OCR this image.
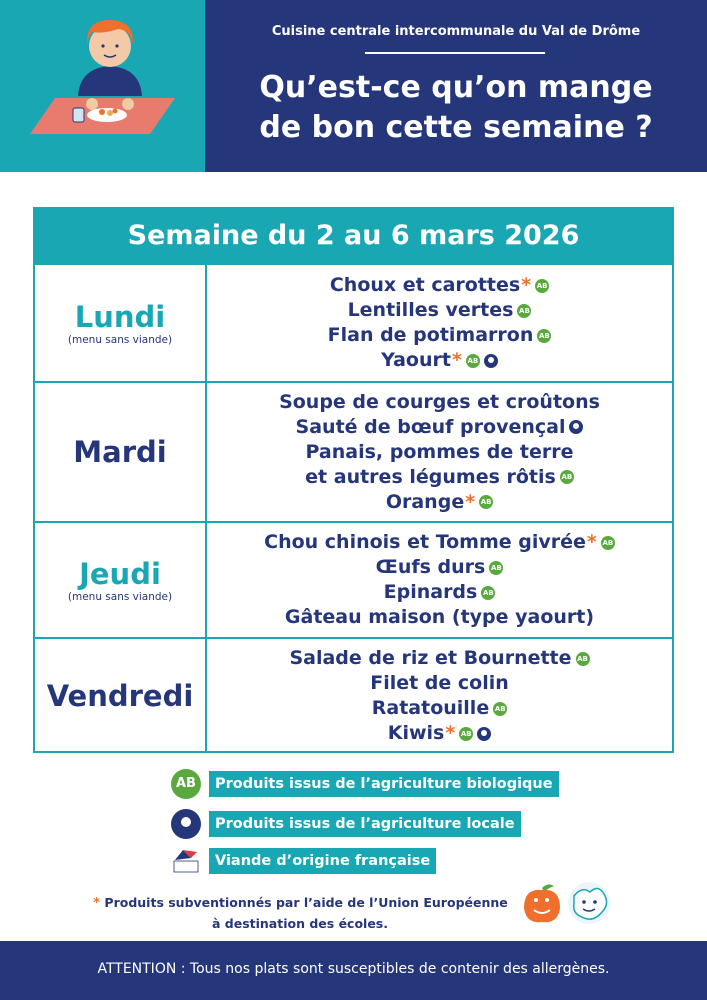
Cuisine centrale intercommunale du Val de Drôme
Qu’est-ce qu’on mange
de bon cette semaine ?
Semaine du 2 au 6 mars 2026
Lundi
(menu sans viande)
Choux et carottes * AB
Lentilles vertes AB
Flan de potimarron AB
Yaourt * AB
Mardi
Soupe de courges et croûtons
Sauté de bœuf provençal
Panais, pommes de terre
et autres légumes rôtis AB
Orange * AB
Jeudi
(menu sans viande)
Chou chinois et Tomme givrée * AB
Œufs durs AB
Epinards AB
Gâteau maison (type yaourt)
Vendredi
Salade de riz et Bournette AB
Filet de colin
Ratatouille AB
Kiwis * AB
AB	Produits issus de l’agriculture biologique
Produits issus de l’agriculture locale
Viande d’origine française
* Produits subventionnés par l’aide de l’Union Européenne
à destination des écoles.
ATTENTION : Tous nos plats sont susceptibles de contenir des allergènes.
